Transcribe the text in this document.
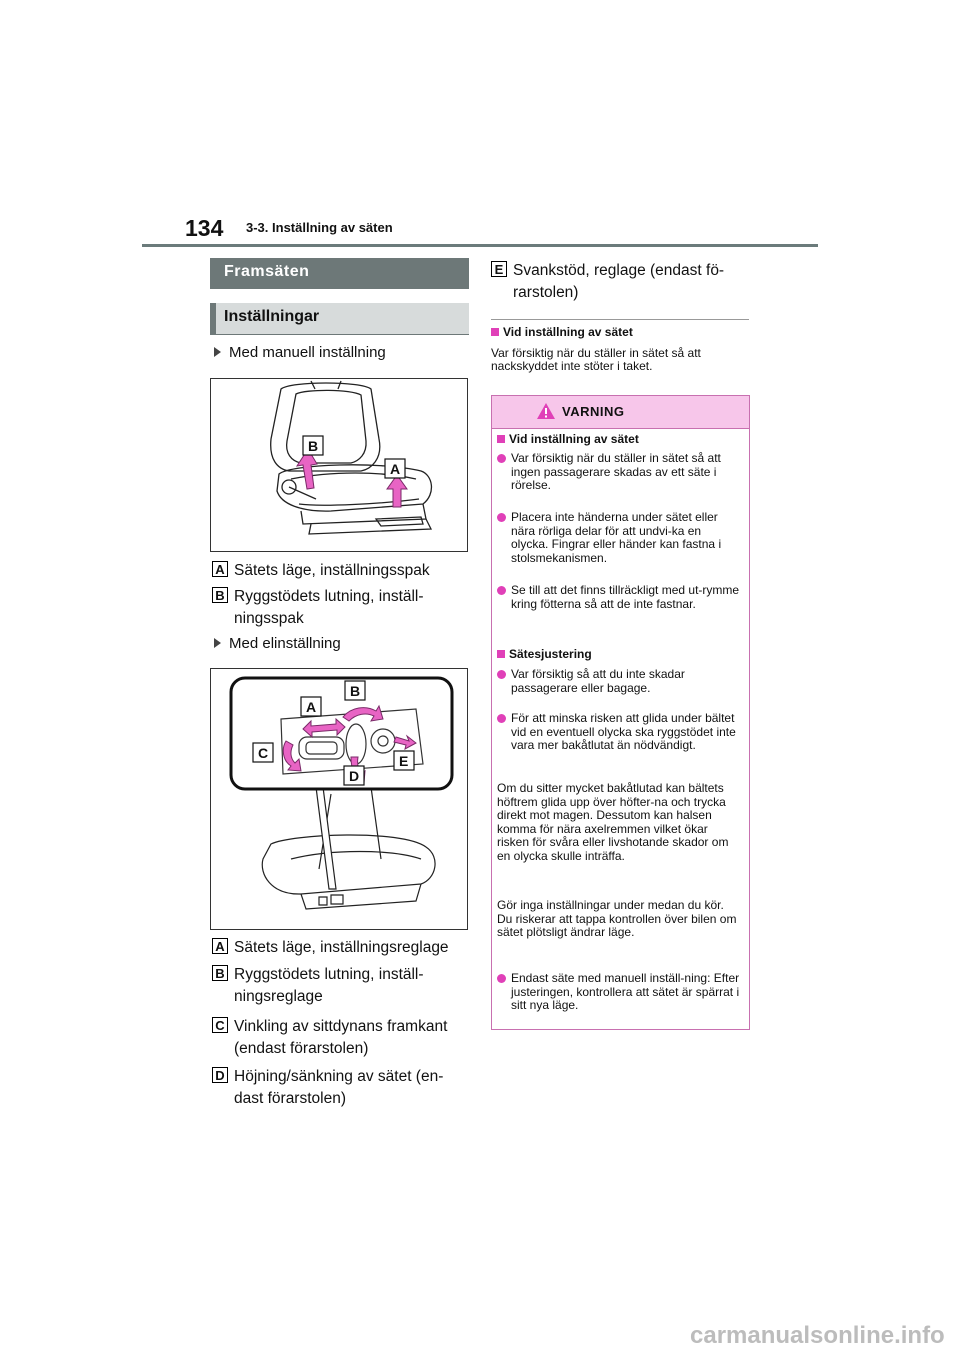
134 3-3. Inställning av säten
Framsäten
Inställningar
Med manuell inställning
B
A
A Sätets läge, inställningsspak
B Ryggstödets lutning, inställ-ningsspak
Med elinställning
A
B
C
D
E
A Sätets läge, inställningsreglage
B Ryggstödets lutning, inställ-ningsreglage
C Vinkling av sittdynans framkant (endast förarstolen)
D Höjning/sänkning av sätet (en-dast förarstolen)
E Svankstöd, reglage (endast fö-rarstolen)
Vid inställning av sätet
Var försiktig när du ställer in sätet så att nackskyddet inte stöter i taket.
VARNING
Vid inställning av sätet
Var försiktig när du ställer in sätet så att ingen passagerare skadas av ett säte i rörelse.
Placera inte händerna under sätet eller nära rörliga delar för att undvi-ka en olycka. Fingrar eller händer kan fastna i stolsmekanismen.
Se till att det finns tillräckligt med ut-rymme kring fötterna så att de inte fastnar.
Sätesjustering
Var försiktig så att du inte skadar passagerare eller bagage.
För att minska risken att glida under bältet vid en eventuell olycka ska ryggstödet inte vara mer bakåtlutat än nödvändigt.
Om du sitter mycket bakåtlutad kan bältets höftrem glida upp över höfter-na och trycka direkt mot magen. Dessutom kan halsen komma för nära axelremmen vilket ökar risken för svåra eller livshotande skador om en olycka skulle inträffa.
Gör inga inställningar under medan du kör. Du riskerar att tappa kontrollen över bilen om sätet plötsligt ändrar läge.
Endast säte med manuell inställ-ning: Efter justeringen, kontrollera att sätet är spärrat i sitt nya läge.
carmanualsonline.info
